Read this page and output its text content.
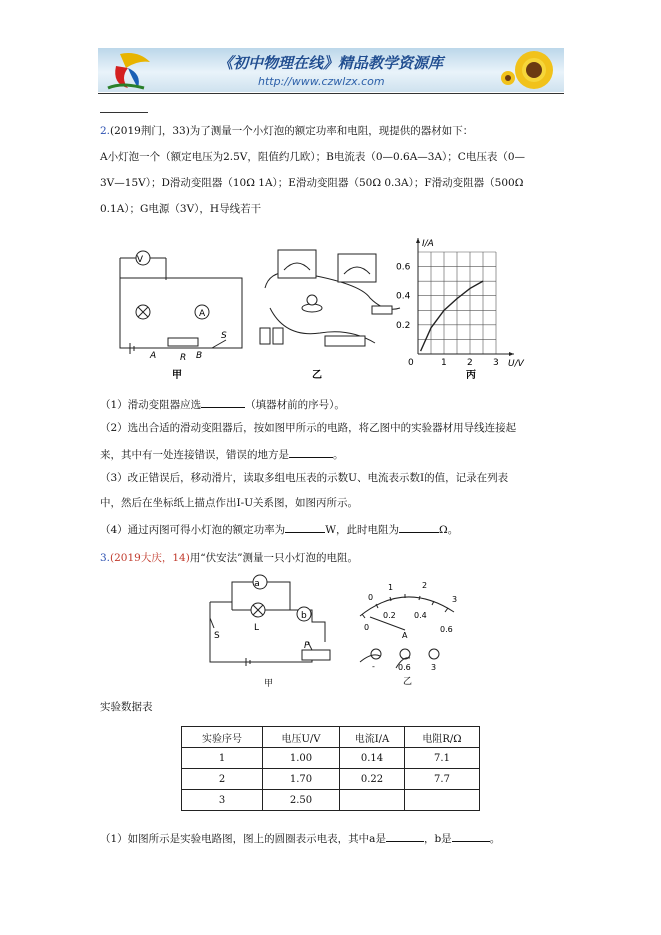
《初中物理在线》精品教学资源库
http://www.czwlzx.com
2.(2019荆门，33)为了测量一个小灯泡的额定功率和电阻，现提供的器材如下：
A小灯泡一个（额定电压为2.5V，阻值约几欧）；B电流表（0—0.6A—3A）；C电压表（0—
3V—15V）；D滑动变阻器（10Ω 1A）；E滑动变阻器（50Ω 0.3A）；F滑动变阻器（500Ω
0.1A）；G电源（3V），H导线若干
V
A
A	R B
S
甲	乙
0	1 2 3
0.2
0.4
0.6
U/V
I/A
丙
（1）滑动变阻器应选	（填器材前的序号）。
（2）选出合适的滑动变阻器后，按如图甲所示的电路，将乙图中的实验器材用导线连接起
来，其中有一处连接错误，错误的地方是	。
（3）改正错误后，移动滑片，读取多组电压表的示数U、电流表示数I的值，记录在列表
中，然后在坐标纸上描点作出I-U关系图，如图丙所示。
（4）通过丙图可得小灯泡的额定功率为	W，此时电阻为	Ω。
3.(2019大庆，14)用“伏安法”测量一只小灯泡的电阻。
a
b
S
L
P
甲
0
1	2
3
0
0.2 0.4
0.6
A
-	0.6	3
乙
实验数据表
实验序号	电压U/V	电流I/A	电阻R/Ω
1	1.00	0.14	7.1
2	1.70	0.22	7.7
3	2.50		
（1）如图所示是实验电路图，图上的圆圈表示电表，其中a是	，b是	。
